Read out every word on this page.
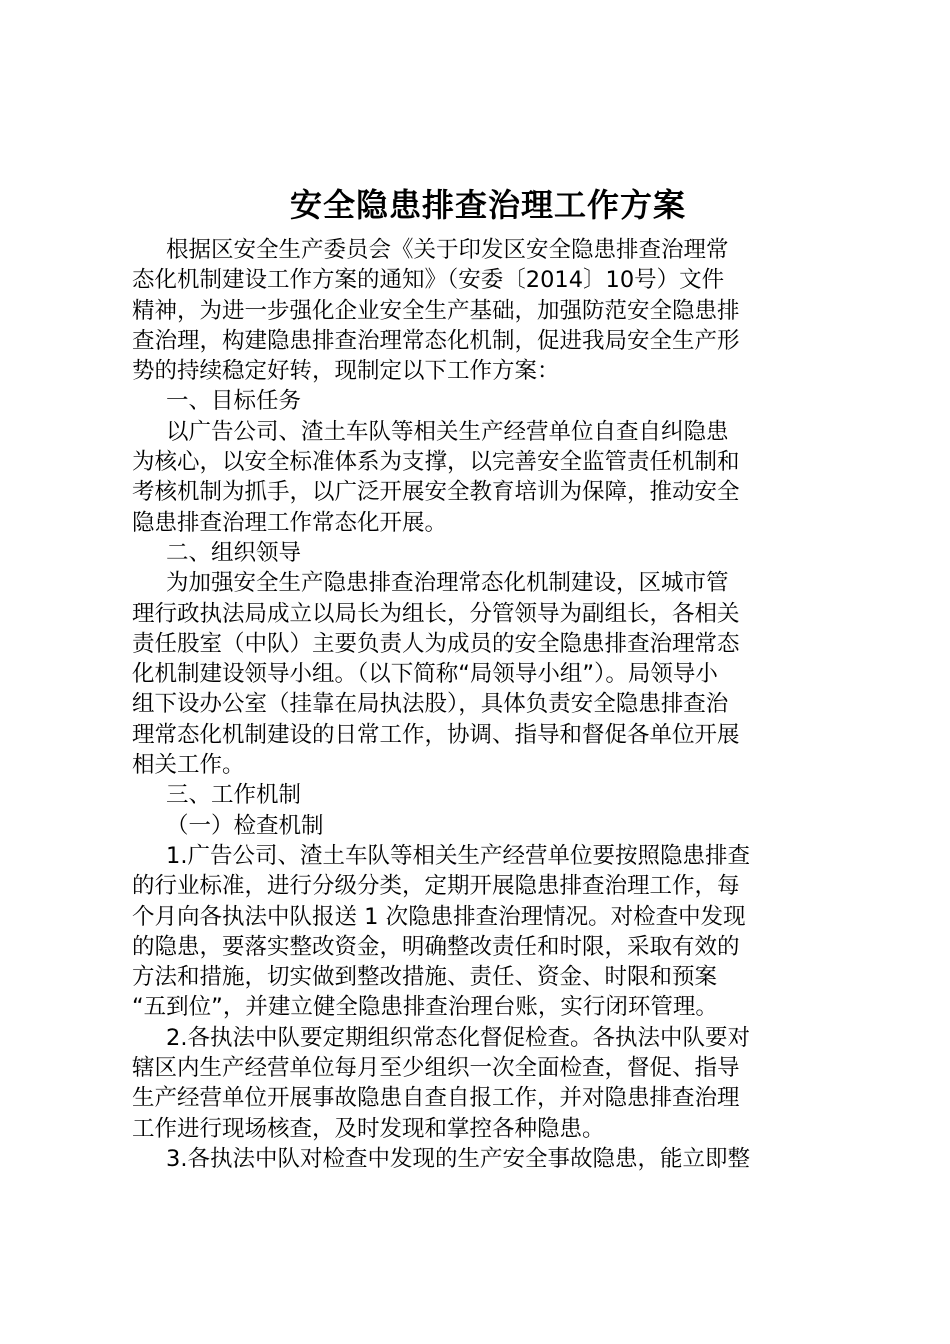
安全隐患排查治理工作方案

根据区安全生产委员会《关于印发区安全隐患排查治理常

态化机制建设工作方案的通知》（安委〔2014〕10号）文件

精神，为进一步强化企业安全生产基础，加强防范安全隐患排

查治理，构建隐患排查治理常态化机制，促进我局安全生产形

势的持续稳定好转，现制定以下工作方案：

一、目标任务

以广告公司、渣土车队等相关生产经营单位自查自纠隐患

为核心，以安全标准体系为支撑，以完善安全监管责任机制和

考核机制为抓手，以广泛开展安全教育培训为保障，推动安全

隐患排查治理工作常态化开展。

二、组织领导

为加强安全生产隐患排查治理常态化机制建设，区城市管

理行政执法局成立以局长为组长，分管领导为副组长，各相关

责任股室（中队）主要负责人为成员的安全隐患排查治理常态

化机制建设领导小组。（以下简称“局领导小组”）。局领导小

组下设办公室（挂靠在局执法股），具体负责安全隐患排查治

理常态化机制建设的日常工作，协调、指导和督促各单位开展

相关工作。

三、工作机制

（一）检查机制

1.广告公司、渣土车队等相关生产经营单位要按照隐患排查

的行业标准，进行分级分类，定期开展隐患排查治理工作，每

个月向各执法中队报送 1 次隐患排查治理情况。对检查中发现

的隐患，要落实整改资金，明确整改责任和时限，采取有效的

方法和措施，切实做到整改措施、责任、资金、时限和预案

“五到位”，并建立健全隐患排查治理台账，实行闭环管理。

2.各执法中队要定期组织常态化督促检查。各执法中队要对

辖区内生产经营单位每月至少组织一次全面检查，督促、指导

生产经营单位开展事故隐患自查自报工作，并对隐患排查治理

工作进行现场核查，及时发现和掌控各种隐患。

3.各执法中队对检查中发现的生产安全事故隐患，能立即整
